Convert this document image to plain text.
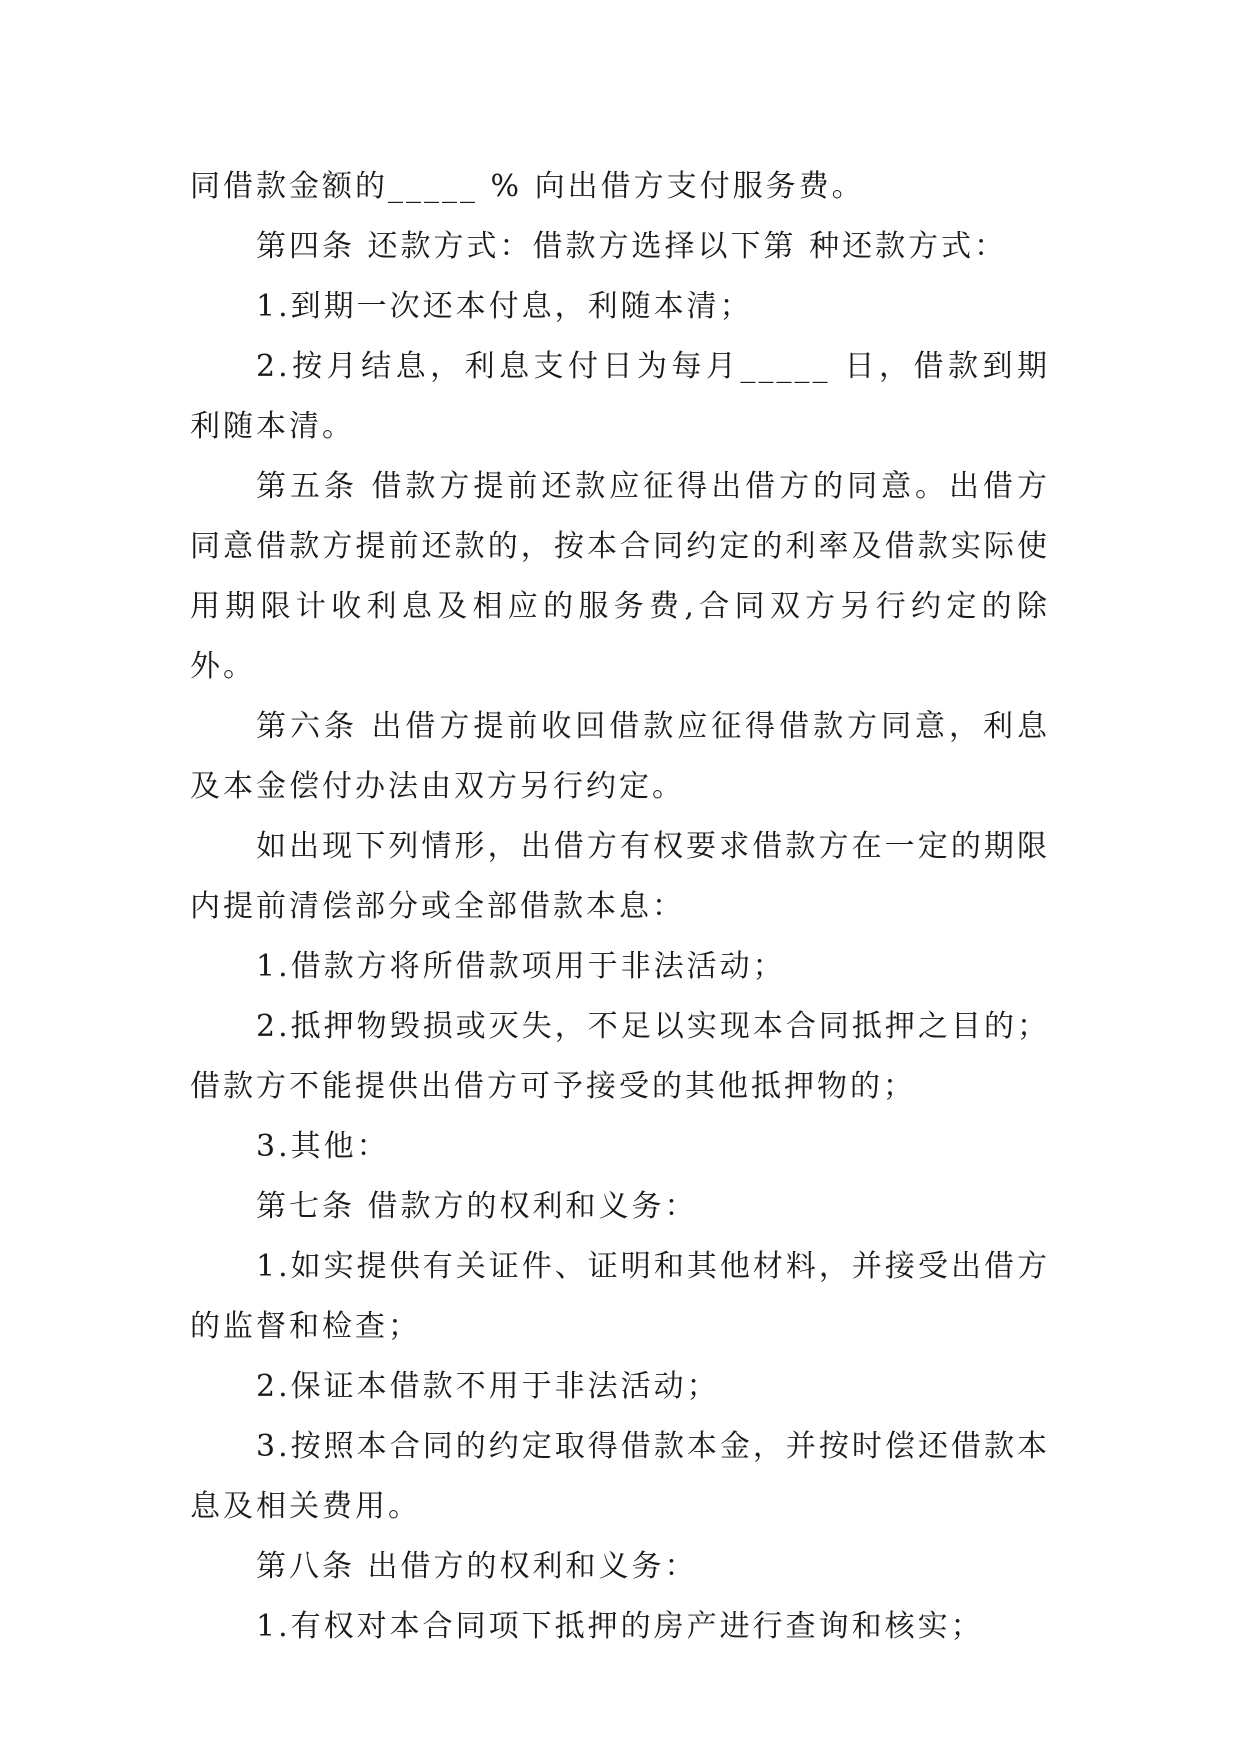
同借款金额的_____ % 向出借方支付服务费。

第四条 还款方式：借款方选择以下第 种还款方式：

1.到期一次还本付息，利随本清；

2.按月结息，利息支付日为每月_____ 日，借款到期利随本清。

第五条 借款方提前还款应征得出借方的同意。出借方同意借款方提前还款的，按本合同约定的利率及借款实际使用期限计收利息及相应的服务费,合同双方另行约定的除外。

第六条 出借方提前收回借款应征得借款方同意，利息及本金偿付办法由双方另行约定。

如出现下列情形，出借方有权要求借款方在一定的期限内提前清偿部分或全部借款本息：

1.借款方将所借款项用于非法活动；

2.抵押物毁损或灭失，不足以实现本合同抵押之目的；借款方不能提供出借方可予接受的其他抵押物的；

3.其他：

第七条 借款方的权利和义务：

1.如实提供有关证件、证明和其他材料，并接受出借方的监督和检查；

2.保证本借款不用于非法活动；

3.按照本合同的约定取得借款本金，并按时偿还借款本息及相关费用。

第八条 出借方的权利和义务：

1.有权对本合同项下抵押的房产进行查询和核实；
